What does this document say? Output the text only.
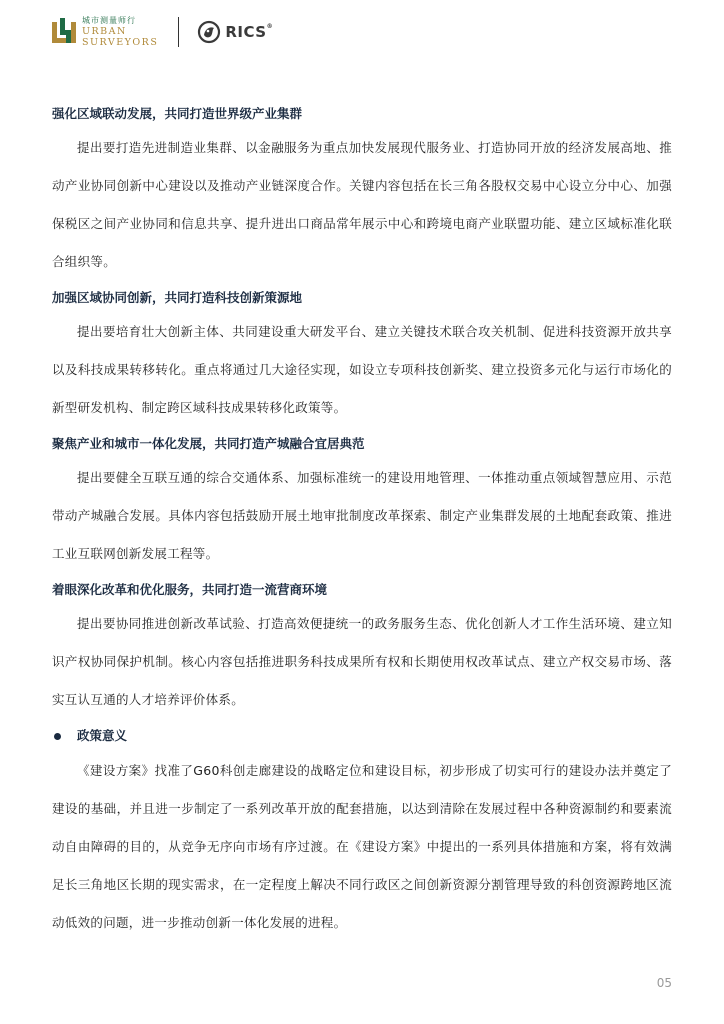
城市测量师行
URBAN
SURVEYORS
RICS®

强化区域联动发展，共同打造世界级产业集群

提出要打造先进制造业集群、以金融服务为重点加快发展现代服务业、打造协同开放的经济发展高地、推动产业协同创新中心建设以及推动产业链深度合作。关键内容包括在长三角各股权交易中心设立分中心、加强保税区之间产业协同和信息共享、提升进出口商品常年展示中心和跨境电商产业联盟功能、建立区域标准化联合组织等。

加强区域协同创新，共同打造科技创新策源地

提出要培育壮大创新主体、共同建设重大研发平台、建立关键技术联合攻关机制、促进科技资源开放共享以及科技成果转移转化。重点将通过几大途径实现，如设立专项科技创新奖、建立投资多元化与运行市场化的新型研发机构、制定跨区域科技成果转移化政策等。

聚焦产业和城市一体化发展，共同打造产城融合宜居典范

提出要健全互联互通的综合交通体系、加强标准统一的建设用地管理、一体推动重点领域智慧应用、示范带动产城融合发展。具体内容包括鼓励开展土地审批制度改革探索、制定产业集群发展的土地配套政策、推进工业互联网创新发展工程等。

着眼深化改革和优化服务，共同打造一流营商环境

提出要协同推进创新改革试验、打造高效便捷统一的政务服务生态、优化创新人才工作生活环境、建立知识产权协同保护机制。核心内容包括推进职务科技成果所有权和长期使用权改革试点、建立产权交易市场、落实互认互通的人才培养评价体系。

政策意义

《建设方案》找准了G60科创走廊建设的战略定位和建设目标，初步形成了切实可行的建设办法并奠定了建设的基础，并且进一步制定了一系列改革开放的配套措施，以达到清除在发展过程中各种资源制约和要素流动自由障碍的目的，从竞争无序向市场有序过渡。在《建设方案》中提出的一系列具体措施和方案，将有效满足长三角地区长期的现实需求，在一定程度上解决不同行政区之间创新资源分割管理导致的科创资源跨地区流动低效的问题，进一步推动创新一体化发展的进程。

05
